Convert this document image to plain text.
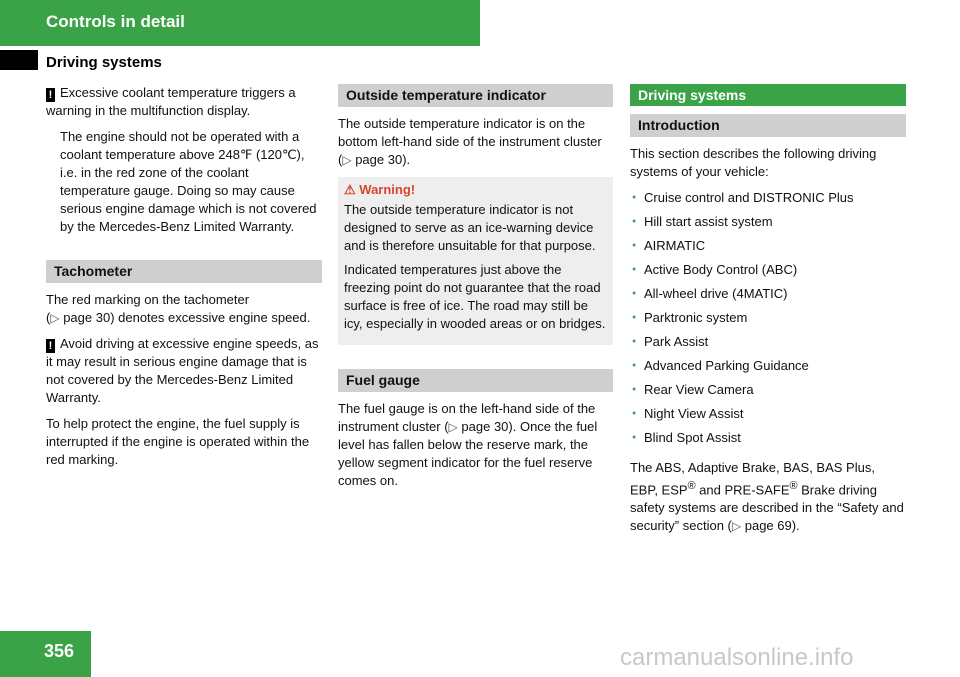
Controls in detail
Driving systems

! Excessive coolant temperature triggers a warning in the multifunction display.

The engine should not be operated with a coolant temperature above 248℉ (120℃), i.e. in the red zone of the coolant temperature gauge. Doing so may cause serious engine damage which is not covered by the Mercedes-Benz Limited Warranty.

Tachometer

The red marking on the tachometer
(▷ page 30) denotes excessive engine speed.

! Avoid driving at excessive engine speeds, as it may result in serious engine damage that is not covered by the Mercedes-Benz Limited Warranty.

To help protect the engine, the fuel supply is interrupted if the engine is operated within the red marking.

Outside temperature indicator

The outside temperature indicator is on the bottom left-hand side of the instrument cluster (▷ page 30).

⚠ Warning!

The outside temperature indicator is not designed to serve as an ice-warning device and is therefore unsuitable for that purpose.

Indicated temperatures just above the freezing point do not guarantee that the road surface is free of ice. The road may still be icy, especially in wooded areas or on bridges.

Fuel gauge

The fuel gauge is on the left-hand side of the instrument cluster (▷ page 30). Once the fuel level has fallen below the reserve mark, the yellow segment indicator for the fuel reserve comes on.

Driving systems
Introduction

This section describes the following driving systems of your vehicle:

● Cruise control and DISTRONIC Plus
● Hill start assist system
● AIRMATIC
● Active Body Control (ABC)
● All-wheel drive (4MATIC)
● Parktronic system
● Park Assist
● Advanced Parking Guidance
● Rear View Camera
● Night View Assist
● Blind Spot Assist

The ABS, Adaptive Brake, BAS, BAS Plus, EBP, ESP® and PRE-SAFE® Brake driving safety systems are described in the “Safety and security” section (▷ page 69).

356	carmanualsonline.info
